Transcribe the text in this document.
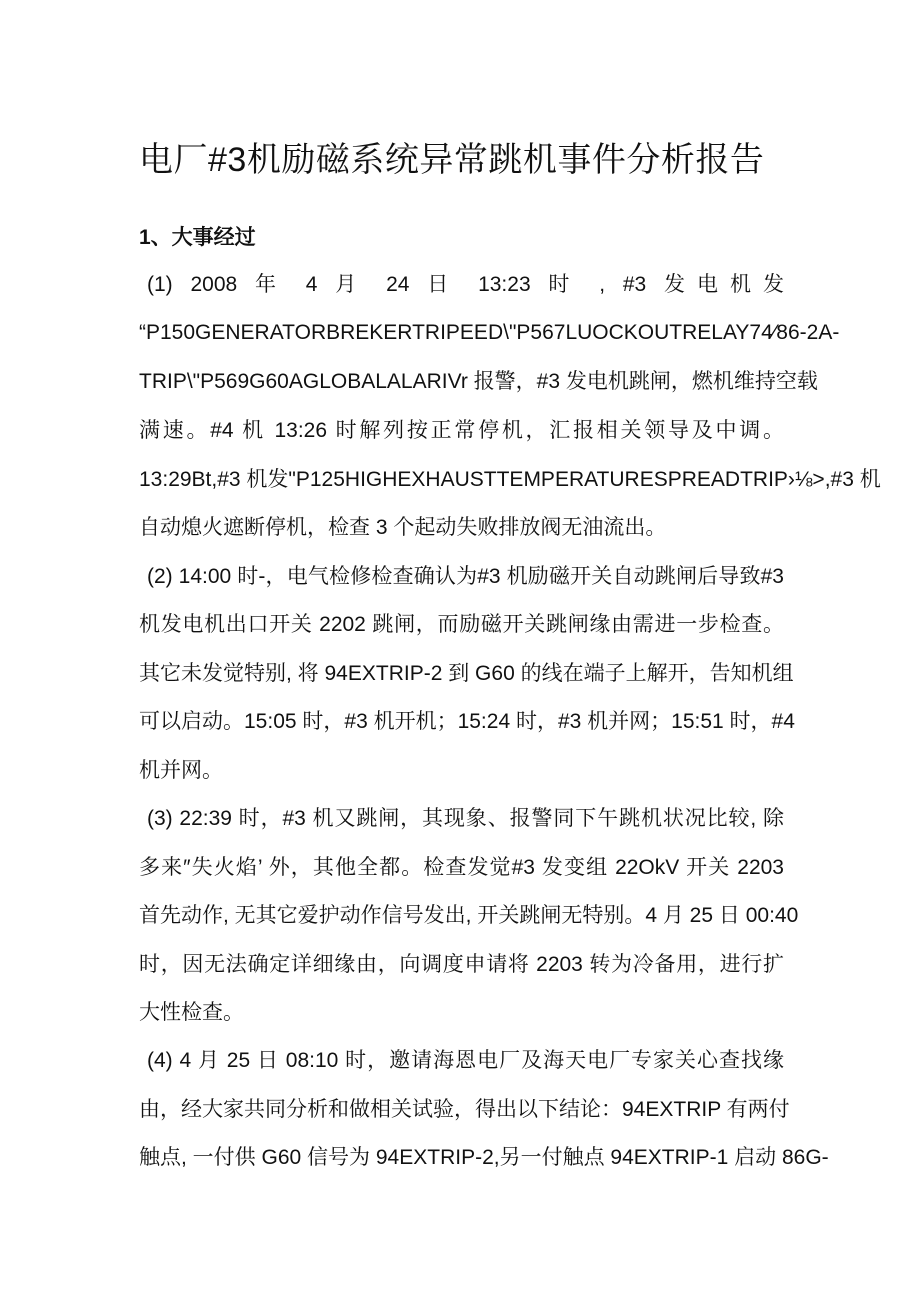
电厂#3机励磁系统异常跳机事件分析报告
1、大事经过

(1) 2008 年 4 月 24 日 13:23 时 , #3 发电机发

“P150GENERATORBREKERTRIPEED\"P567LUOCKOUTRELAY74⁄86-2A-

TRIP\"P569G60AGLOBALALARIVr 报警，#3 发电机跳闸，燃机维持空载

满速。#4 机 13:26 时解列按正常停机，汇报相关领导及中调。

13:29Bt,#3 机发"P125HIGHEXHAUSTTEMPERATURESPREADTRIP›⅛>,#3 机

自动熄火遮断停机，检查 3 个起动失败排放阀无油流出。

(2) 14:00 时-，电气检修检查确认为#3 机励磁开关自动跳闸后导致#3

机发电机出口开关 2202 跳闸，而励磁开关跳闸缘由需进一步检查。

其它未发觉特别, 将 94EXTRIP-2 到 G60 的线在端子上解开，告知机组

可以启动。15:05 时，#3 机开机；15:24 时，#3 机并网；15:51 时，#4

机并网。

(3) 22:39 时，#3 机又跳闸，其现象、报警同下午跳机状况比较, 除

多来″失火焰’ 外，其他全都。检查发觉#3 发变组 22OkV 开关 2203

首先动作, 无其它爱护动作信号发出, 开关跳闸无特别。4 月 25 日 00:40

时，因无法确定详细缘由，向调度申请将 2203 转为冷备用，进行扩

大性检查。

(4) 4 月 25 日 08:10 时，邀请海恩电厂及海天电厂专家关心查找缘

由，经大家共同分析和做相关试验，得出以下结论：94EXTRIP 有两付

触点, 一付供 G60 信号为 94EXTRIP-2,另一付触点 94EXTRIP-1 启动 86G-
